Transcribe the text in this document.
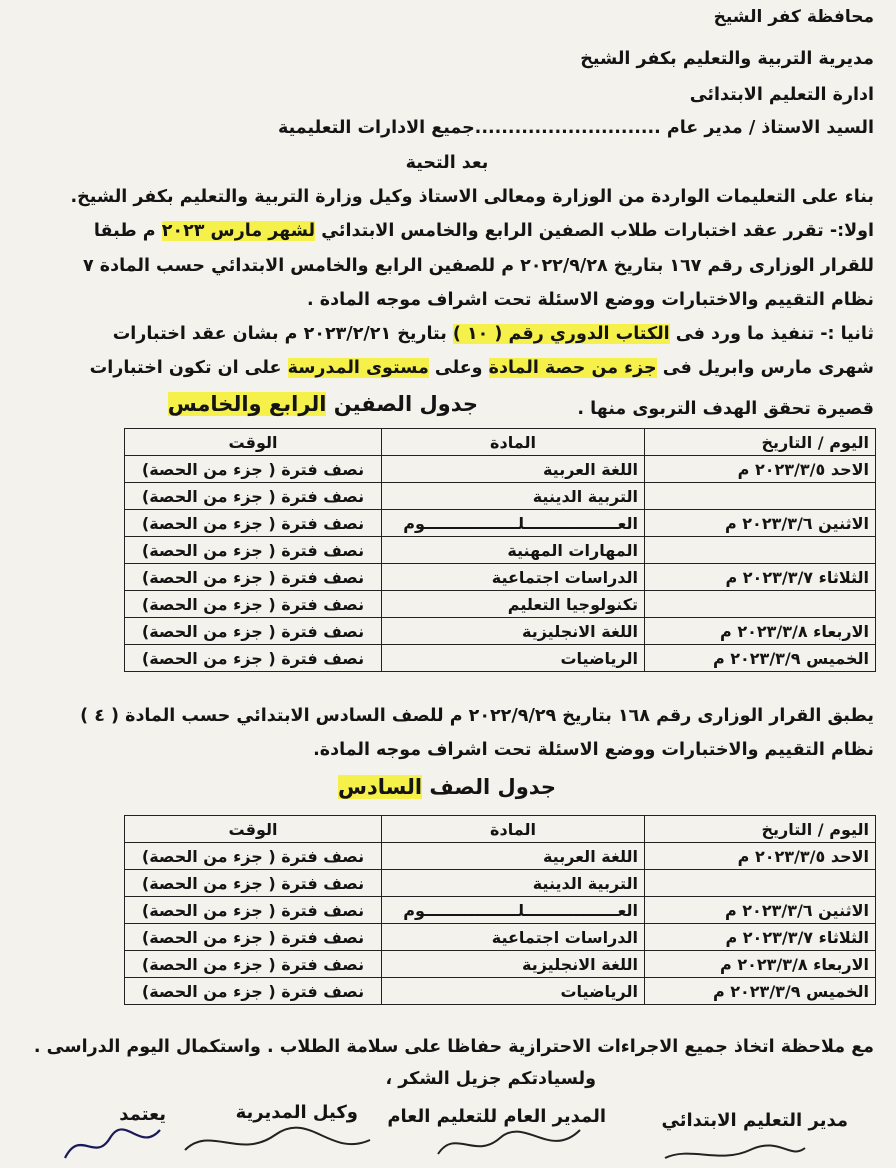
محافظة كفر الشيخ
مديرية التربية والتعليم بكفر الشيخ
ادارة التعليم الابتدائى
السيد الاستاذ / مدير عام ............................جميع الادارات التعليمية
بعد التحية
بناء على التعليمات الواردة من الوزارة ومعالى الاستاذ وكيل وزارة التربية والتعليم بكفر الشيخ.
اولا:- تقرر عقد اختبارات طلاب الصفين الرابع والخامس الابتدائي لشهر مارس ٢٠٢٣ م طبقا
للقرار الوزارى رقم ١٦٧ بتاريخ ٢٠٢٢/٩/٢٨ م للصفين الرابع والخامس الابتدائي حسب المادة ٧
نظام التقييم والاختبارات ووضع الاسئلة تحت اشراف موجه المادة .
ثانيا :- تنفيذ ما ورد فى الكتاب الدوري رقم ( ١٠ ) بتاريخ ٢٠٢٣/٢/٢١ م بشان عقد اختبارات
شهرى مارس وابريل فى جزء من حصة المادة وعلى مستوى المدرسة على ان تكون اختبارات
قصيرة تحقق الهدف التربوى منها .
جدول الصفين الرابع والخامس
اليوم / التاريخ	المادة	الوقت
الاحد ٢٠٢٣/٣/٥ م	اللغة العربية	نصف فترة ( جزء من الحصة)
	التربية الدينية	نصف فترة ( جزء من الحصة)
الاثنين ٢٠٢٣/٣/٦ م	العـــــــــــــــــلـــــــــــــــــوم	نصف فترة ( جزء من الحصة)
	المهارات المهنية	نصف فترة ( جزء من الحصة)
الثلاثاء ٢٠٢٣/٣/٧ م	الدراسات اجتماعية	نصف فترة ( جزء من الحصة)
	تكنولوجيا التعليم	نصف فترة ( جزء من الحصة)
الاربعاء ٢٠٢٣/٣/٨ م	اللغة الانجليزية	نصف فترة ( جزء من الحصة)
الخميس ٢٠٢٣/٣/٩ م	الرياضيات	نصف فترة ( جزء من الحصة)
يطبق القرار الوزارى رقم ١٦٨ بتاريخ ٢٠٢٢/٩/٢٩ م للصف السادس الابتدائي حسب المادة ( ٤ )
نظام التقييم والاختبارات ووضع الاسئلة تحت اشراف موجه المادة.
جدول الصف السادس
اليوم / التاريخ	المادة	الوقت
الاحد ٢٠٢٣/٣/٥ م	اللغة العربية	نصف فترة ( جزء من الحصة)
	التربية الدينية	نصف فترة ( جزء من الحصة)
الاثنين ٢٠٢٣/٣/٦ م	العـــــــــــــــــلـــــــــــــــــوم	نصف فترة ( جزء من الحصة)
الثلاثاء ٢٠٢٣/٣/٧ م	الدراسات اجتماعية	نصف فترة ( جزء من الحصة)
الاربعاء ٢٠٢٣/٣/٨ م	اللغة الانجليزية	نصف فترة ( جزء من الحصة)
الخميس ٢٠٢٣/٣/٩ م	الرياضيات	نصف فترة ( جزء من الحصة)
مع ملاحظة اتخاذ جميع الاجراءات الاحترازية حفاظا على سلامة الطلاب . واستكمال اليوم الدراسى .
ولسيادتكم جزيل الشكر ،
مدير التعليم الابتدائي
المدير العام للتعليم العام
وكيل المديرية
يعتمد
